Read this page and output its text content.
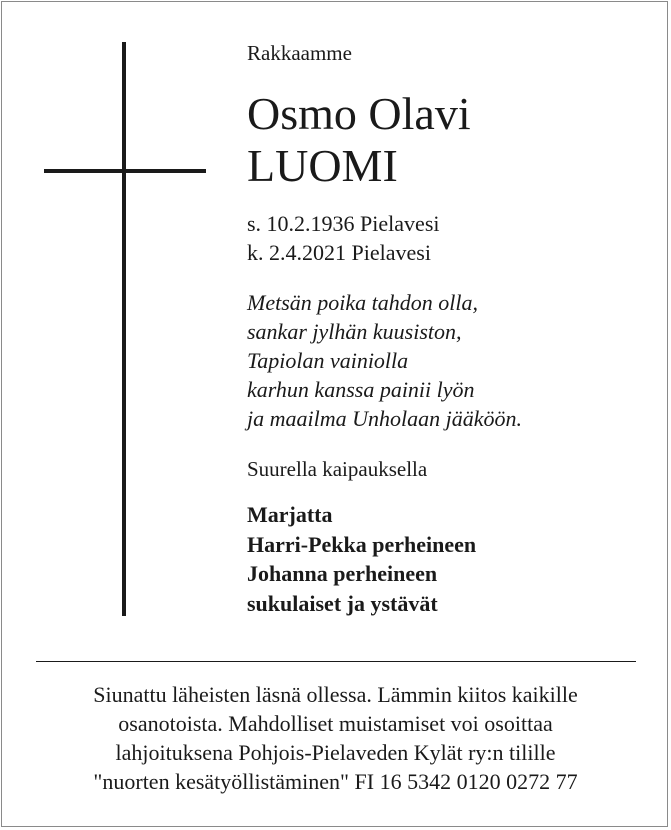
Rakkaamme
Osmo Olavi
LUOMI
s. 10.2.1936 Pielavesi
k. 2.4.2021 Pielavesi
Metsän poika tahdon olla,
sankar jylhän kuusiston,
Tapiolan vainiolla
karhun kanssa painii lyön
ja maailma Unholaan jääköön.
Suurella kaipauksella
Marjatta
Harri-Pekka perheineen
Johanna perheineen
sukulaiset ja ystävät
Siunattu läheisten läsnä ollessa. Lämmin kiitos kaikille
osanotoista. Mahdolliset muistamiset voi osoittaa
lahjoituksena Pohjois-Pielaveden Kylät ry:n tilille
"nuorten kesätyöllistäminen" FI 16 5342 0120 0272 77
